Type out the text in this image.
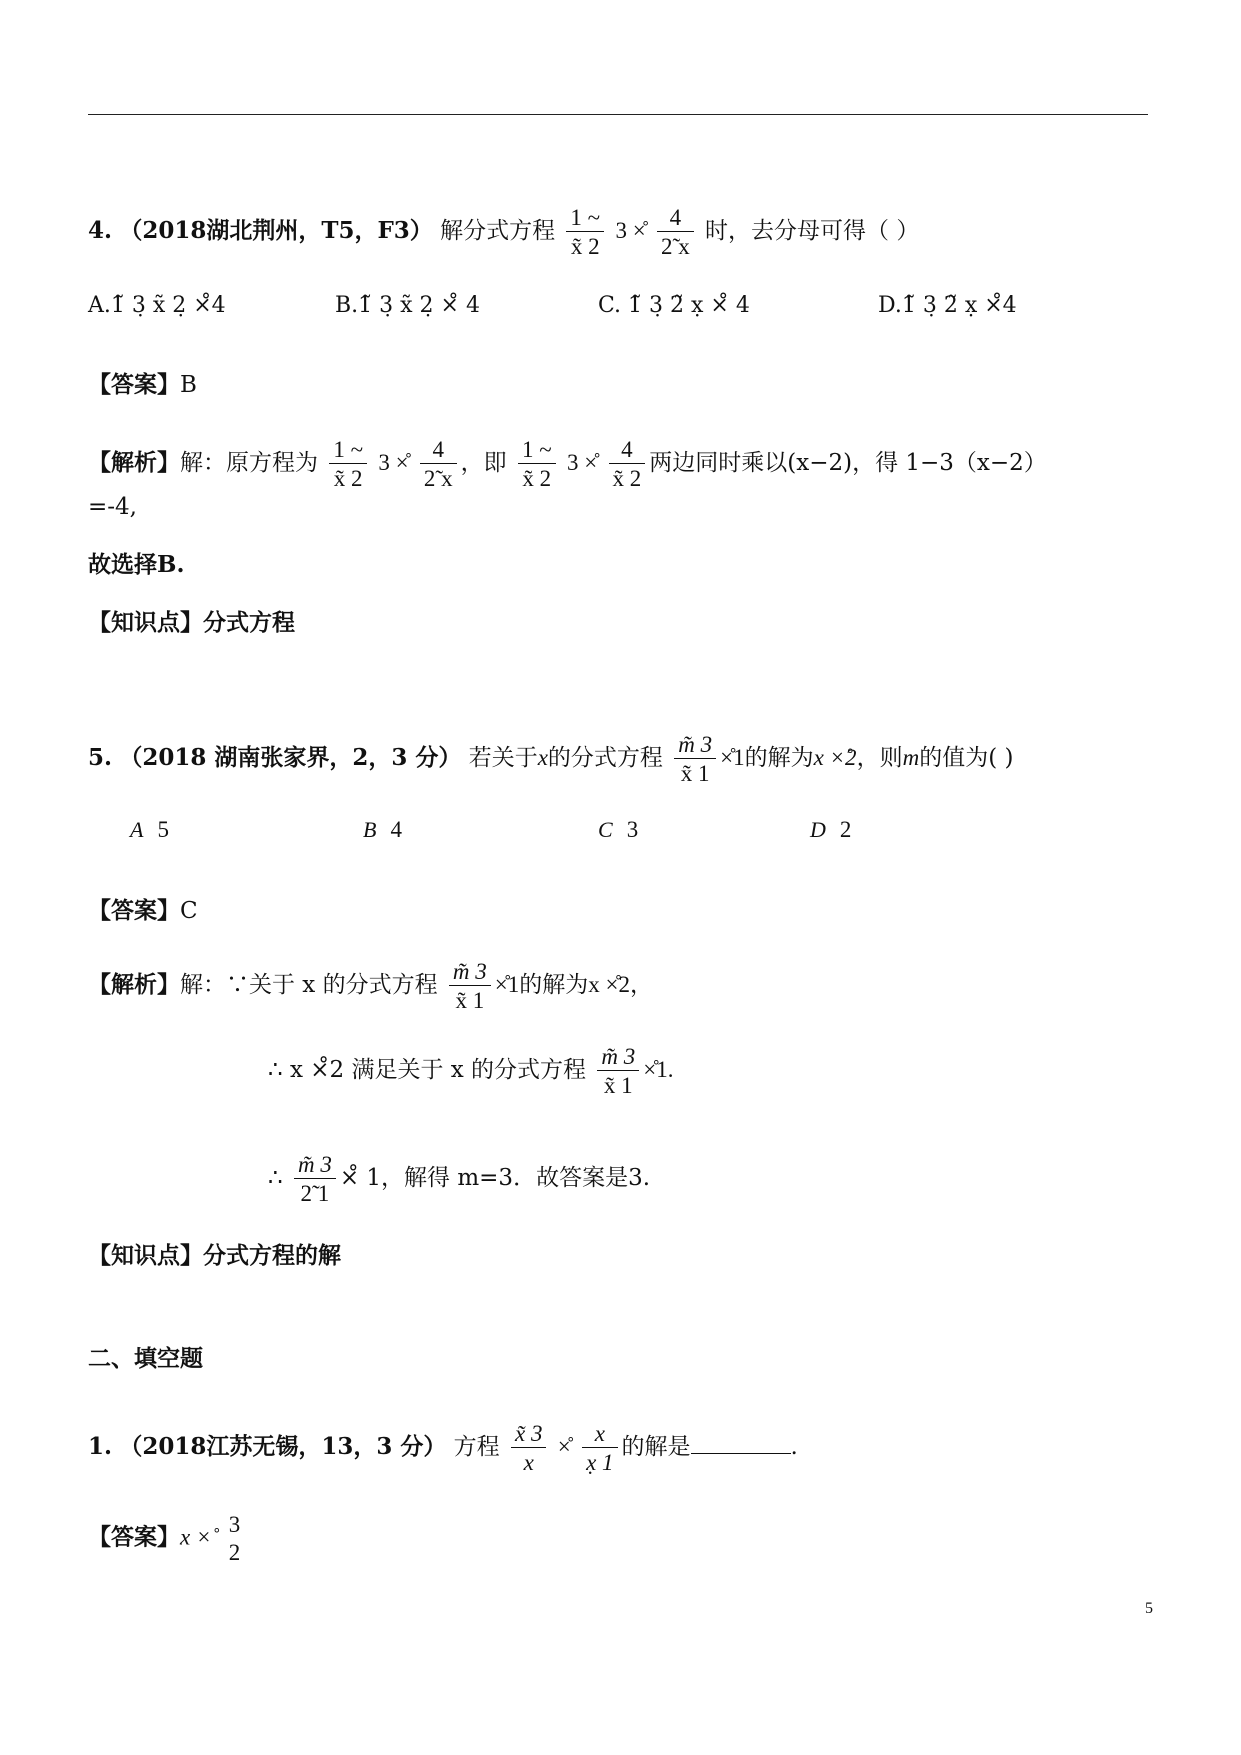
4. （2018湖北荆州，T5，F3） 解分式方程 $\frac{1 \sim}{x̃ 2} 3$ ×̊ $\frac{4}{2̃ x}$ 时，去分母可得（ ）
A.1̃ 3̣ x̃ 2̣ ×̊4	B.1̃ 3̣ x̃ 2̣ ×̊ 4	C. 1̃ 3̣ 2̃ x̣ ×̊ 4	D.1̃ 3̣ 2̃ x̣ ×̊4
【答案】B
【解析】解：原方程为 $\frac{1 \sim}{x̃ 2} 3$ ×̊ $\frac{4}{2̃ x}$ ，即 $\frac{1 \sim}{x̃ 2} 3$ ×̊ $\frac{4}{x̃ 2}$ 两边同时乘以(x−2)，得 1−3（x−2）
=-4,
故选择B.
【知识点】分式方程
5. （2018 湖南张家界，2，3 分） 若关于x的分式方程 $\frac{m̃ 3}{x̃ 1}$ ×̊1的解为x ×̊2，则m的值为( )
A 5	B 4	C 3	D 2
【答案】C
【解析】解：∵关于 x 的分式方程 $\frac{m̃ 3}{x̃ 1}$ ×̊1的解为x ×̊2，
∴ x ×̊2 满足关于 x 的分式方程 $\frac{m̃ 3}{x̃ 1}$ ×̊1.
∴ $\frac{m̃ 3}{2̃ 1}$ ×̊ 1，解得 m=3．故答案是3.
【知识点】分式方程的解
二、填空题
1. （2018江苏无锡，13，3 分） 方程 $\frac{x̃ 3}{x}$ ×̊ $\frac{x}{x̣ 1}$ 的解是	.
【答案】x ×̊ 3
2
5
